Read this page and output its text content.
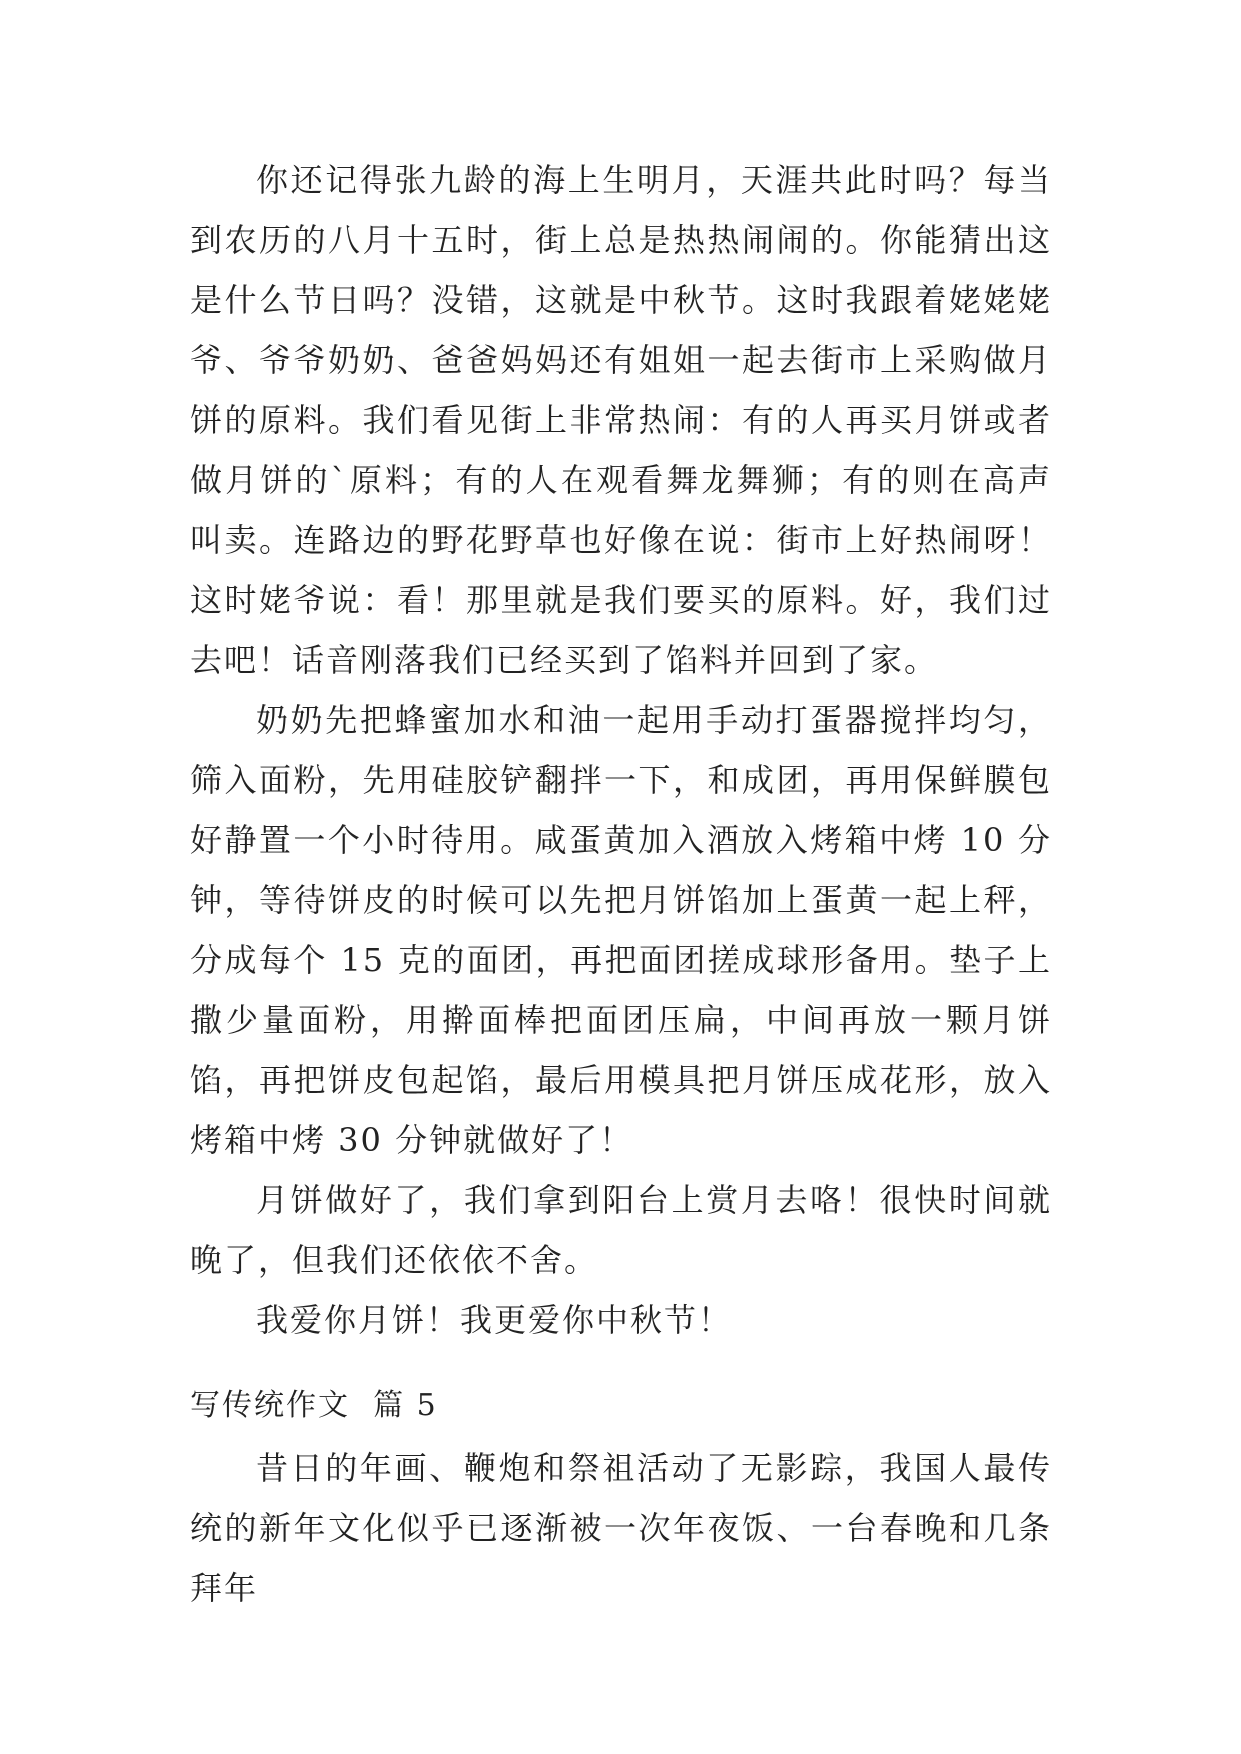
你还记得张九龄的海上生明月，天涯共此时吗？每当到农历的八月十五时，街上总是热热闹闹的。你能猜出这是什么节日吗？没错，这就是中秋节。这时我跟着姥姥姥爷、爷爷奶奶、爸爸妈妈还有姐姐一起去街市上采购做月饼的原料。我们看见街上非常热闹：有的人再买月饼或者做月饼的`原料；有的人在观看舞龙舞狮；有的则在高声叫卖。连路边的野花野草也好像在说：街市上好热闹呀！这时姥爷说：看！那里就是我们要买的原料。好，我们过去吧！话音刚落我们已经买到了馅料并回到了家。

奶奶先把蜂蜜加水和油一起用手动打蛋器搅拌均匀，筛入面粉，先用硅胶铲翻拌一下，和成团，再用保鲜膜包好静置一个小时待用。咸蛋黄加入酒放入烤箱中烤 10 分钟，等待饼皮的时候可以先把月饼馅加上蛋黄一起上秤，分成每个 15 克的面团，再把面团搓成球形备用。垫子上撒少量面粉，用擀面棒把面团压扁，中间再放一颗月饼馅，再把饼皮包起馅，最后用模具把月饼压成花形，放入烤箱中烤 30 分钟就做好了！

月饼做好了，我们拿到阳台上赏月去咯！很快时间就晚了，但我们还依依不舍。

我爱你月饼！我更爱你中秋节！

写传统作文  篇 5

昔日的年画、鞭炮和祭祖活动了无影踪，我国人最传统的新年文化似乎已逐渐被一次年夜饭、一台春晚和几条拜年
